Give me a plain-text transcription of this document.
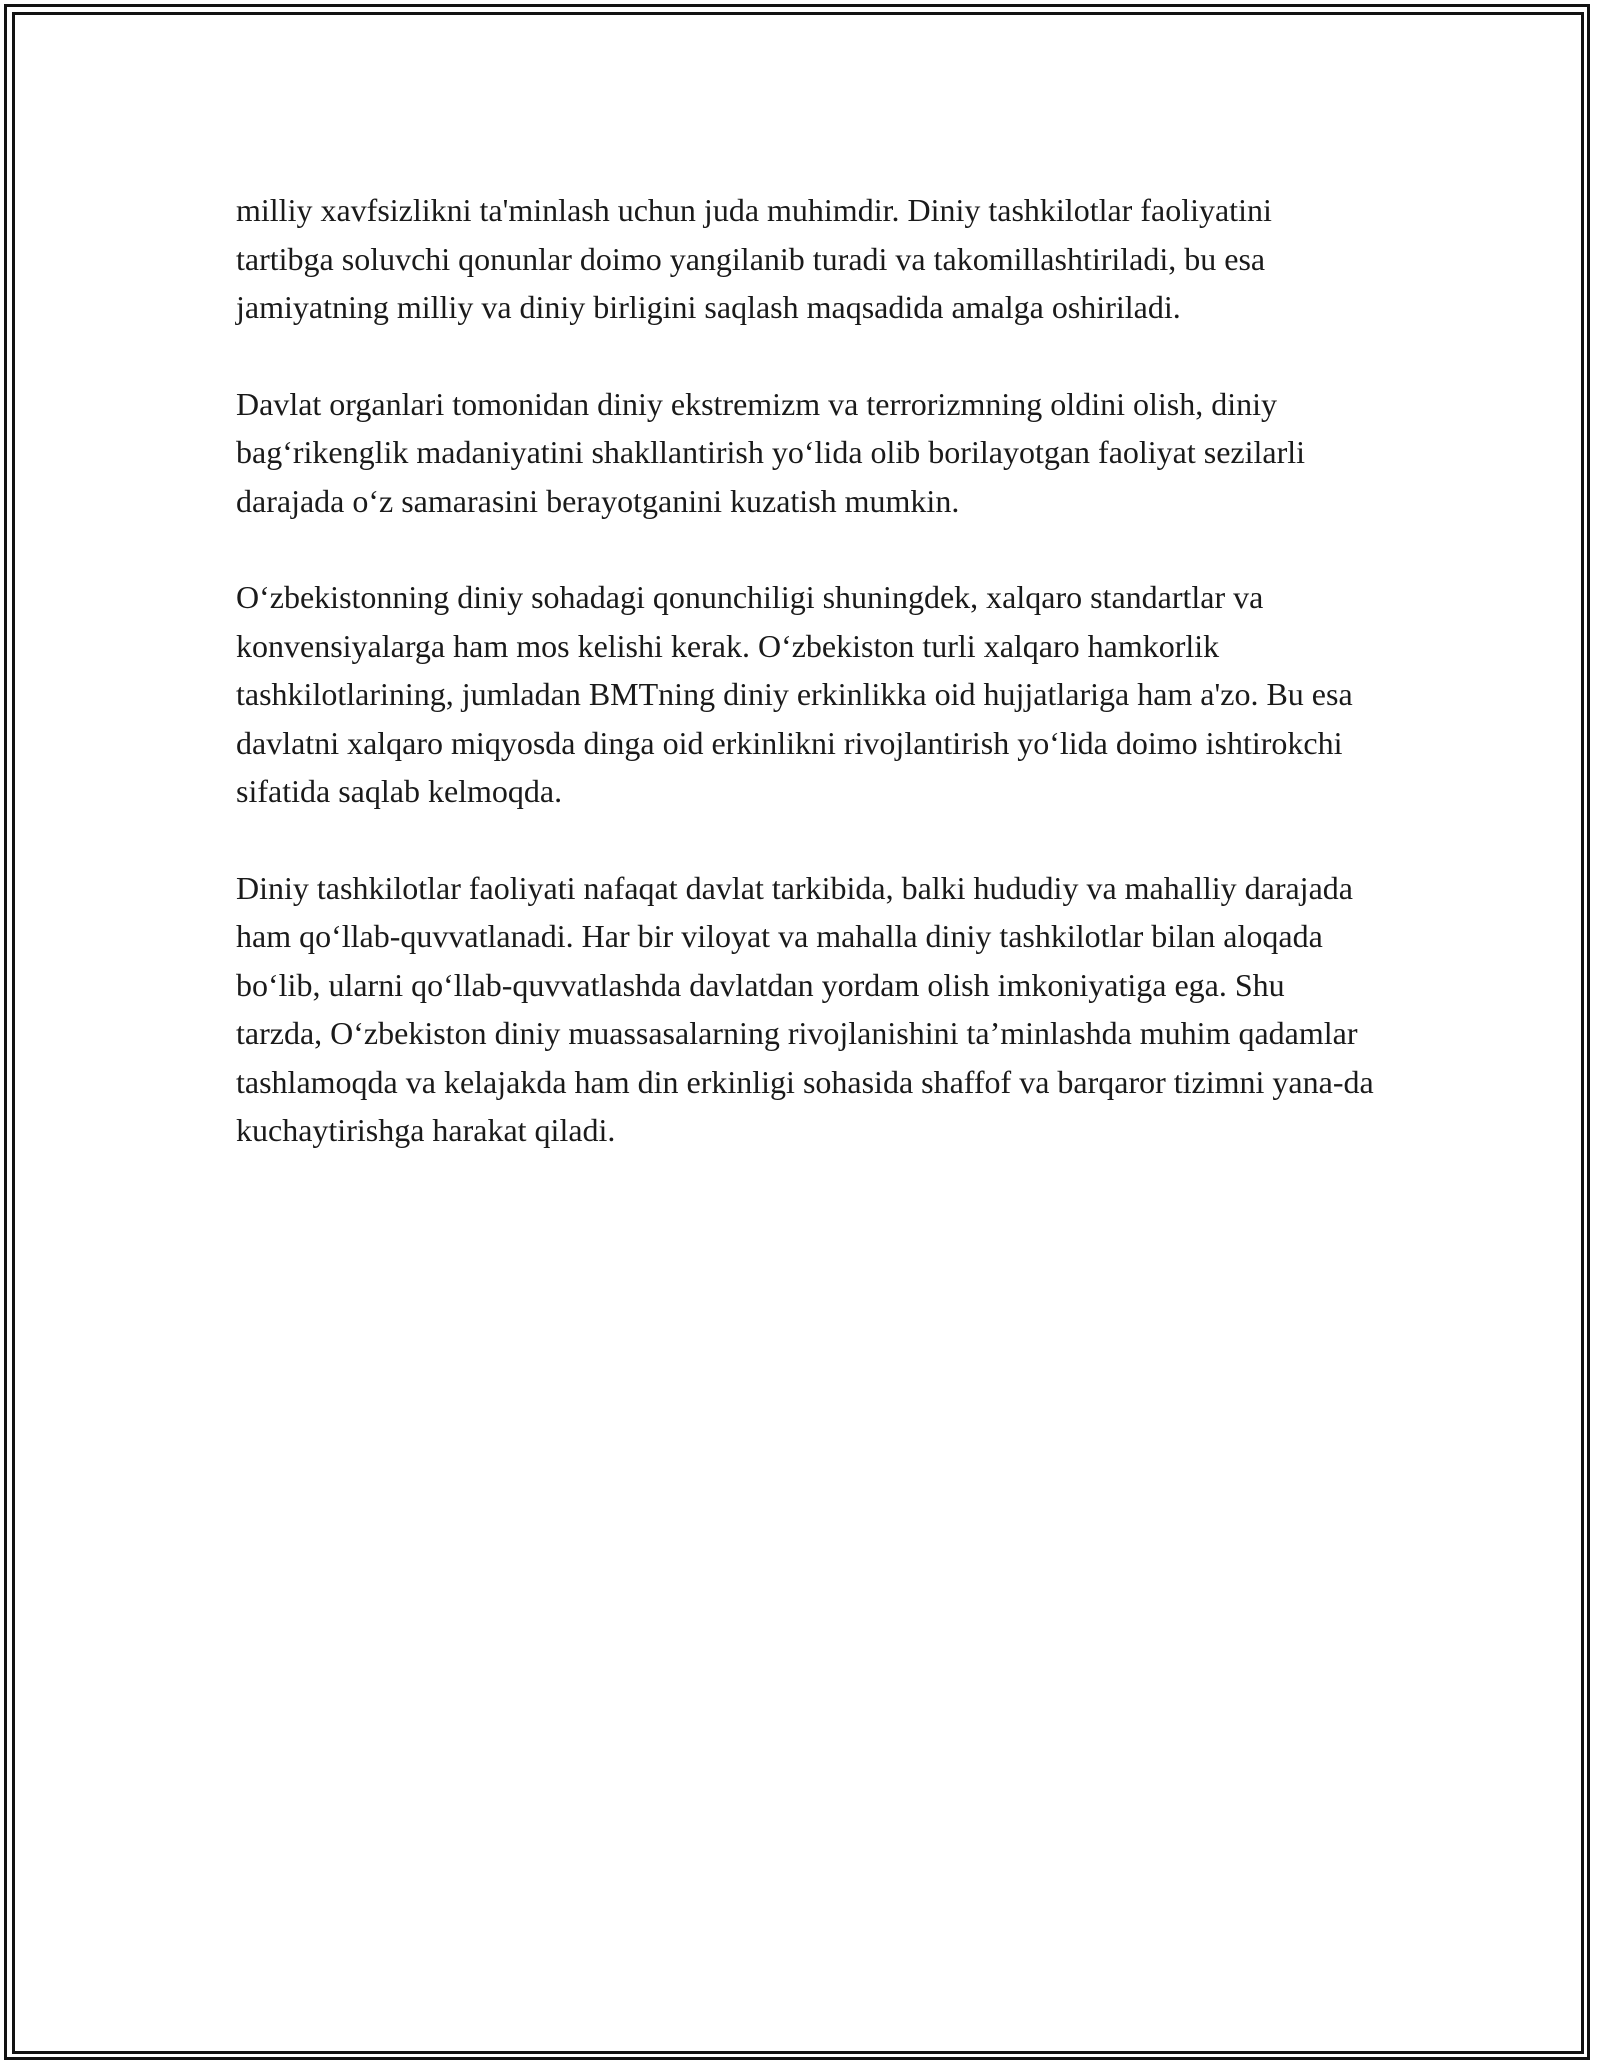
milliy xavfsizlikni ta'minlash uchun juda muhimdir. Diniy tashkilotlar faoliyatini tartibga soluvchi qonunlar doimo yangilanib turadi va takomillashtiriladi, bu esa jamiyatning milliy va diniy birligini saqlash maqsadida amalga oshiriladi.

Davlat organlari tomonidan diniy ekstremizm va terrorizmning oldini olish, diniy bag‘rikenglik madaniyatini shakllantirish yo‘lida olib borilayotgan faoliyat sezilarli darajada o‘z samarasini berayotganini kuzatish mumkin.

O‘zbekistonning diniy sohadagi qonunchiligi shuningdek, xalqaro standartlar va konvensiyalarga ham mos kelishi kerak. O‘zbekiston turli xalqaro hamkorlik tashkilotlarining, jumladan BMTning diniy erkinlikka oid hujjatlariga ham a'zo. Bu esa davlatni xalqaro miqyosda dinga oid erkinlikni rivojlantirish yo‘lida doimo ishtirokchi sifatida saqlab kelmoqda.

Diniy tashkilotlar faoliyati nafaqat davlat tarkibida, balki hududiy va mahalliy darajada ham qo‘llab-quvvatlanadi. Har bir viloyat va mahalla diniy tashkilotlar bilan aloqada bo‘lib, ularni qo‘llab-quvvatlashda davlatdan yordam olish imkoniyatiga ega. Shu tarzda, O‘zbekiston diniy muassasalarning rivojlanishini ta’minlashda muhim qadamlar tashlamoqda va kelajakda ham din erkinligi sohasida shaffof va barqaror tizimni yana-da kuchaytirishga harakat qiladi.
